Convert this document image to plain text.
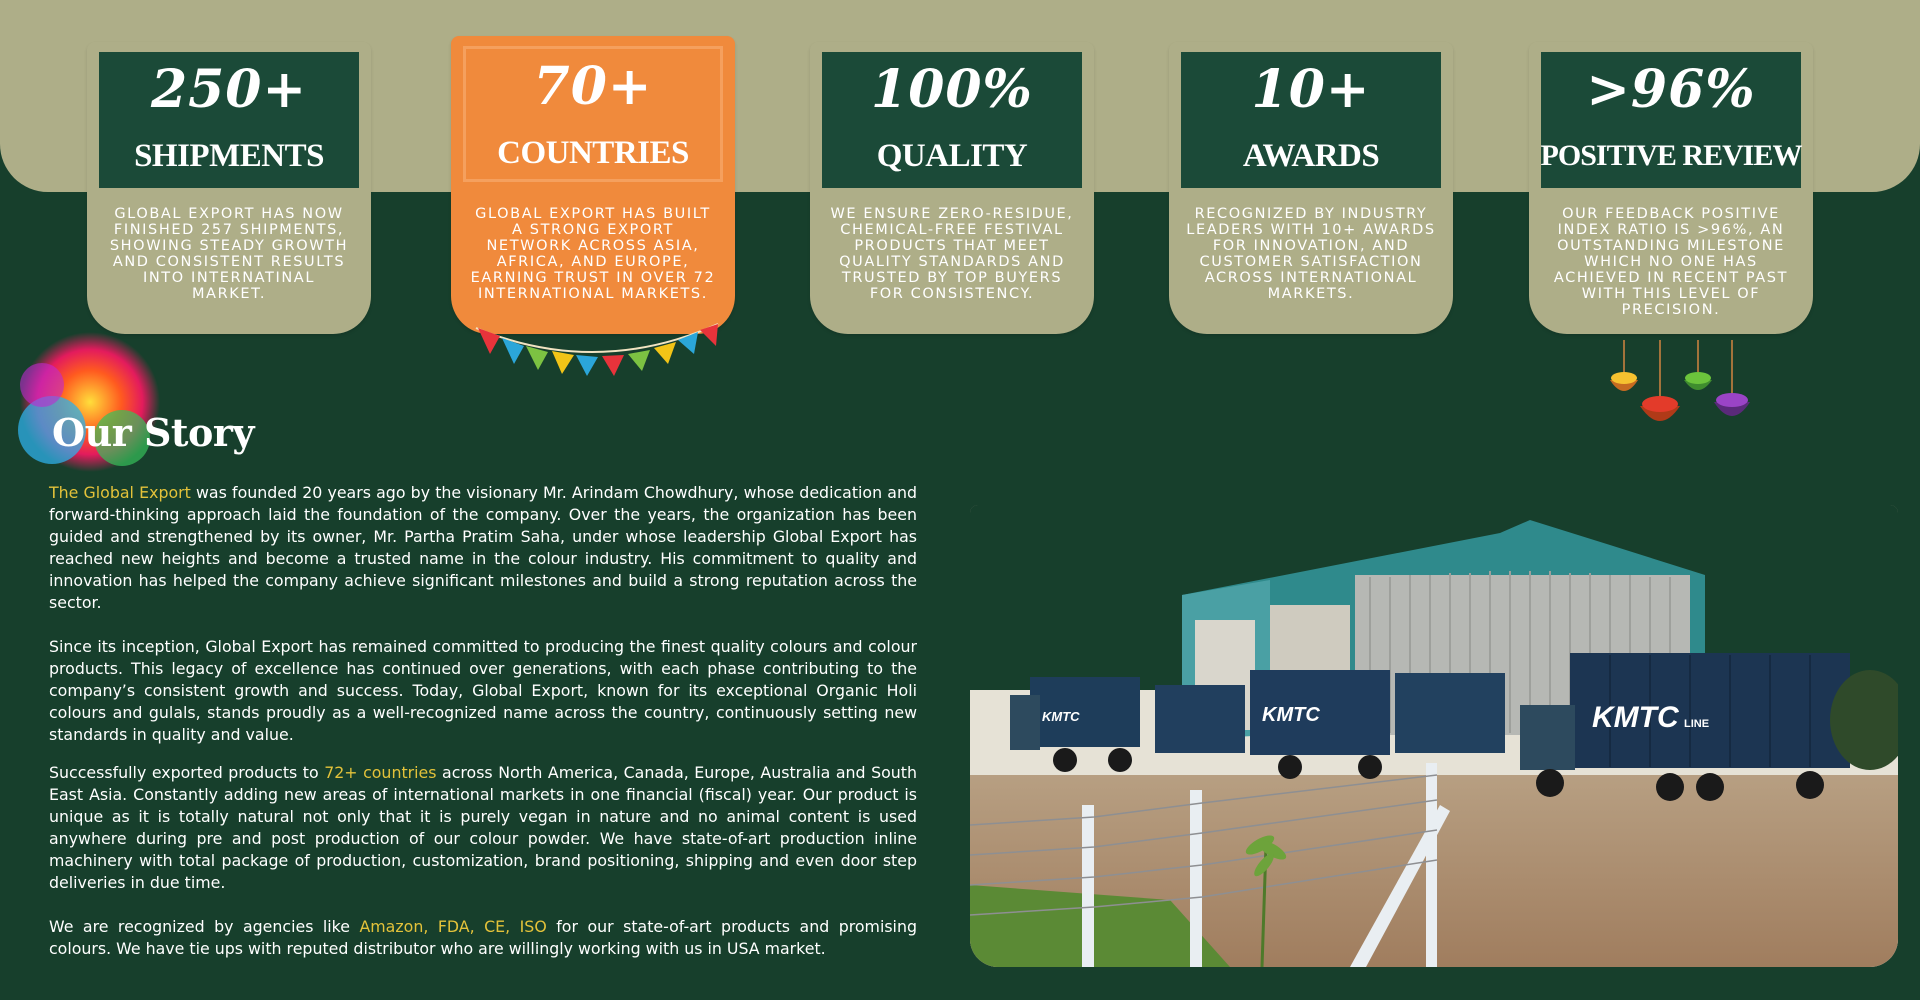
250+
SHIPMENTS
GLOBAL EXPORT HAS NOW FINISHED 257 SHIPMENTS, SHOWING STEADY GROWTH AND CONSISTENT RESULTS INTO INTERNATINAL MARKET.
70+
COUNTRIES
GLOBAL EXPORT HAS BUILT A STRONG EXPORT NETWORK ACROSS ASIA, AFRICA, AND EUROPE, EARNING TRUST IN OVER 72 INTERNATIONAL MARKETS.
100%
QUALITY
WE ENSURE ZERO-RESIDUE, CHEMICAL-FREE FESTIVAL PRODUCTS THAT MEET QUALITY STANDARDS AND TRUSTED BY TOP BUYERS FOR CONSISTENCY.
10+
AWARDS
RECOGNIZED BY INDUSTRY LEADERS WITH 10+ AWARDS FOR INNOVATION, AND CUSTOMER SATISFACTION ACROSS INTERNATIONAL MARKETS.
>96%
POSITIVE REVIEW
OUR FEEDBACK POSITIVE INDEX RATIO IS >96%, AN OUTSTANDING MILESTONE WHICH NO ONE HAS ACHIEVED IN RECENT PAST WITH THIS LEVEL OF PRECISION.
Our Story

The Global Export was founded 20 years ago by the visionary Mr. Arindam Chowdhury, whose dedication and forward-thinking approach laid the foundation of the company. Over the years, the organization has been guided and strengthened by its owner, Mr. Partha Pratim Saha, under whose leadership Global Export has reached new heights and become a trusted name in the colour industry. His commitment to quality and innovation has helped the company achieve significant milestones and build a strong reputation across the sector.

Since its inception, Global Export has remained committed to producing the finest quality colours and colour products. This legacy of excellence has continued over generations, with each phase contributing to the company’s consistent growth and success. Today, Global Export, known for its exceptional Organic Holi colours and gulals, stands proudly as a well-recognized name across the country, continuously setting new standards in quality and value.

Successfully exported products to 72+ countries across North America, Canada, Europe, Australia and South East Asia. Constantly adding new areas of international markets in one financial (fiscal) year. Our product is unique as it is totally natural not only that it is purely vegan in nature and no animal content is used anywhere during pre and post production of our colour powder. We have state-of-art production inline machinery with total package of production, customization, brand positioning, shipping and even door step deliveries in due time.

We are recognized by agencies like Amazon, FDA, CE, ISO for our state-of-art products and promising colours. We have tie ups with reputed distributor who are willingly working with us in USA market.

KMTC LINE
KMTC
KMTC
